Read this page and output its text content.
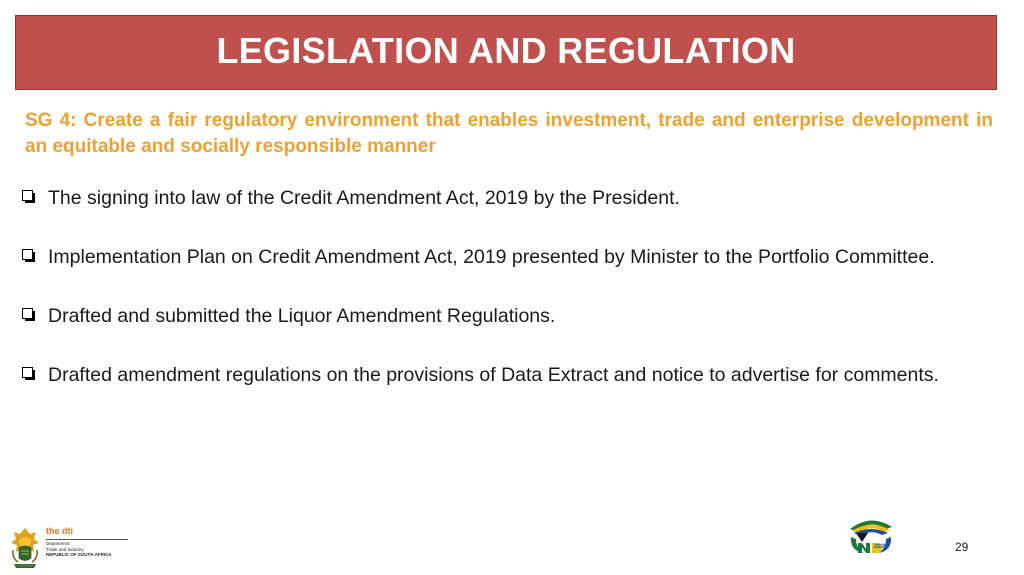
LEGISLATION AND REGULATION
SG 4: Create a fair regulatory environment that enables investment, trade and enterprise development in an equitable and socially responsible manner
The signing into law of the Credit Amendment Act, 2019 by the President.
Implementation Plan on Credit Amendment Act, 2019 presented by Minister to the Portfolio Committee.
Drafted and submitted the Liquor Amendment Regulations.
Drafted amendment regulations on the provisions of Data Extract and notice to advertise for comments.
the dti
Department:
Trade and Industry
REPUBLIC OF SOUTH AFRICA
2030	29
